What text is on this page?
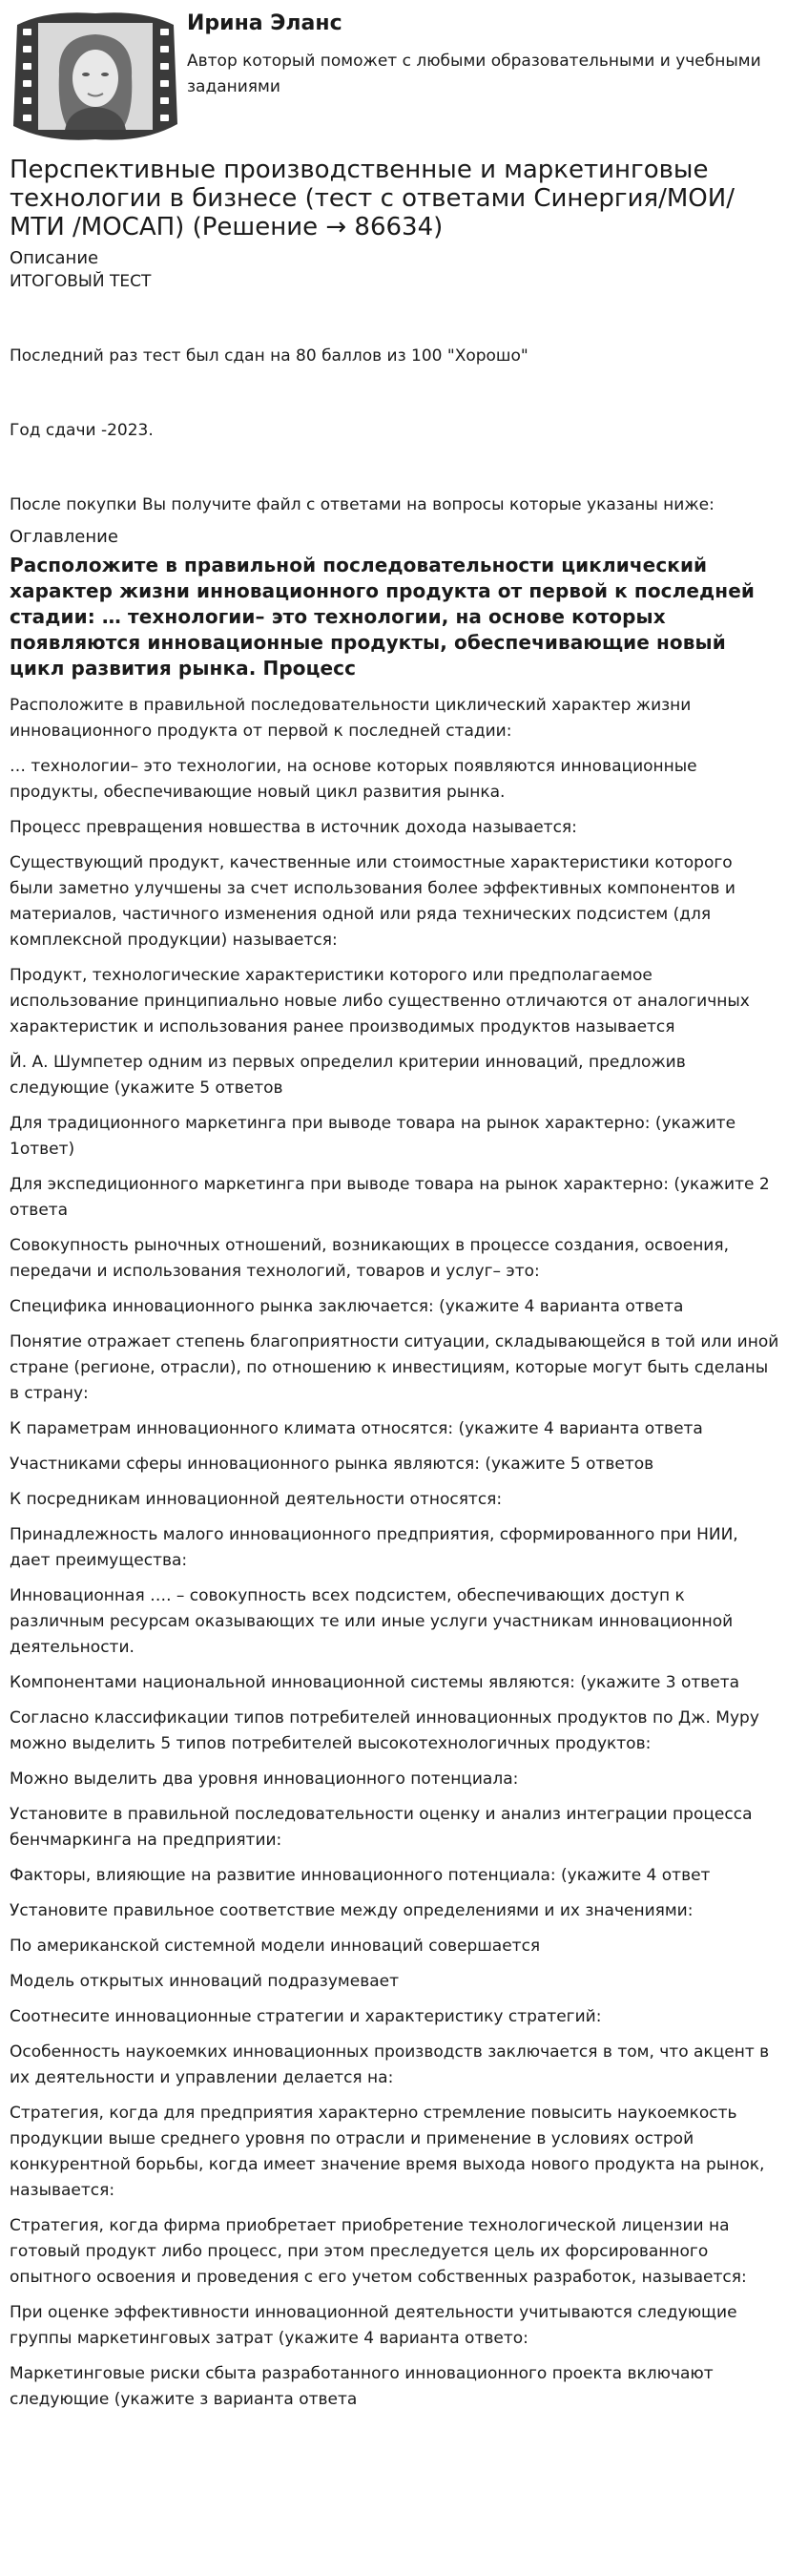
Ирина Эланс
Автор который поможет с любыми образовательными и учебными заданиями
Перспективные производственные и маркетинговые технологии в бизнесе (тест с ответами Синергия/МОИ/ МТИ /МОСАП) (Решение → 86634)
Описание

ИТОГОВЫЙ ТЕСТ

Последний раз тест был сдан на 80 баллов из 100 "Хорошо"

Год сдачи -2023.

После покупки Вы получите файл с ответами на вопросы которые указаны ниже:

Оглавление
Расположите в правильной последовательности циклический характер жизни инновационного продукта от первой к последней стадии: … технологии– это технологии, на основе которых появляются инновационные продукты, обеспечивающие новый цикл развития рынка. Процесс
Расположите в правильной последовательности циклический характер жизни инновационного продукта от первой к последней стадии:
… технологии– это технологии, на основе которых появляются инновационные продукты, обеспечивающие новый цикл развития рынка.
Процесс превращения новшества в источник дохода называется:
Существующий продукт, качественные или стоимостные характеристики которого были заметно улучшены за счет использования более эффективных компонентов и материалов, частичного изменения одной или ряда технических подсистем (для комплексной продукции) называется:
Продукт, технологические характеристики которого или предполагаемое использование принципиально новые либо существенно отличаются от аналогичных характеристик и использования ранее производимых продуктов называется
Й. А. Шумпетер одним из первых определил критерии инноваций, предложив следующие (укажите 5 ответов
Для традиционного маркетинга при выводе товара на рынок характерно: (укажите 1ответ)
Для экспедиционного маркетинга при выводе товара на рынок характерно: (укажите 2 ответа
Совокупность рыночных отношений, возникающих в процессе создания, освоения, передачи и использования технологий, товаров и услуг– это:
Специфика инновационного рынка заключается: (укажите 4 варианта ответа
Понятие отражает степень благоприятности ситуации, складывающейся в той или иной стране (регионе, отрасли), по отношению к инвестициям, которые могут быть сделаны в страну:
К параметрам инновационного климата относятся: (укажите 4 варианта ответа
Участниками сферы инновационного рынка являются: (укажите 5 ответов
К посредникам инновационной деятельности относятся:
Принадлежность малого инновационного предприятия, сформированного при НИИ, дает преимущества:
Инновационная …. – совокупность всех подсистем, обеспечивающих доступ к различным ресурсам оказывающих те или иные услуги участникам инновационной деятельности.
Компонентами национальной инновационной системы являются: (укажите 3 ответа
Согласно классификации типов потребителей инновационных продуктов по Дж. Муру можно выделить 5 типов потребителей высокотехнологичных продуктов:
Можно выделить два уровня инновационного потенциала:
Установите в правильной последовательности оценку и анализ интеграции процесса бенчмаркинга на предприятии:
Факторы, влияющие на развитие инновационного потенциала: (укажите 4 ответ
Установите правильное соответствие между определениями и их значениями:
По американской системной модели инноваций совершается
Модель открытых инноваций подразумевает
Соотнесите инновационные стратегии и характеристику стратегий:
Особенность наукоемких инновационных производств заключается в том, что акцент в их деятельности и управлении делается на:
Стратегия, когда для предприятия характерно стремление повысить наукоемкость продукции выше среднего уровня по отрасли и применение в условиях острой конкурентной борьбы, когда имеет значение время выхода нового продукта на рынок, называется:
Стратегия, когда фирма приобретает приобретение технологической лицензии на готовый продукт либо процесс, при этом преследуется цель их форсированного опытного освоения и проведения с его учетом собственных разработок, называется:
При оценке эффективности инновационной деятельности учитываются следующие группы маркетинговых затрат (укажите 4 варианта ответо:
Маркетинговые риски сбыта разработанного инновационного проекта включают следующие (укажите з варианта ответа
